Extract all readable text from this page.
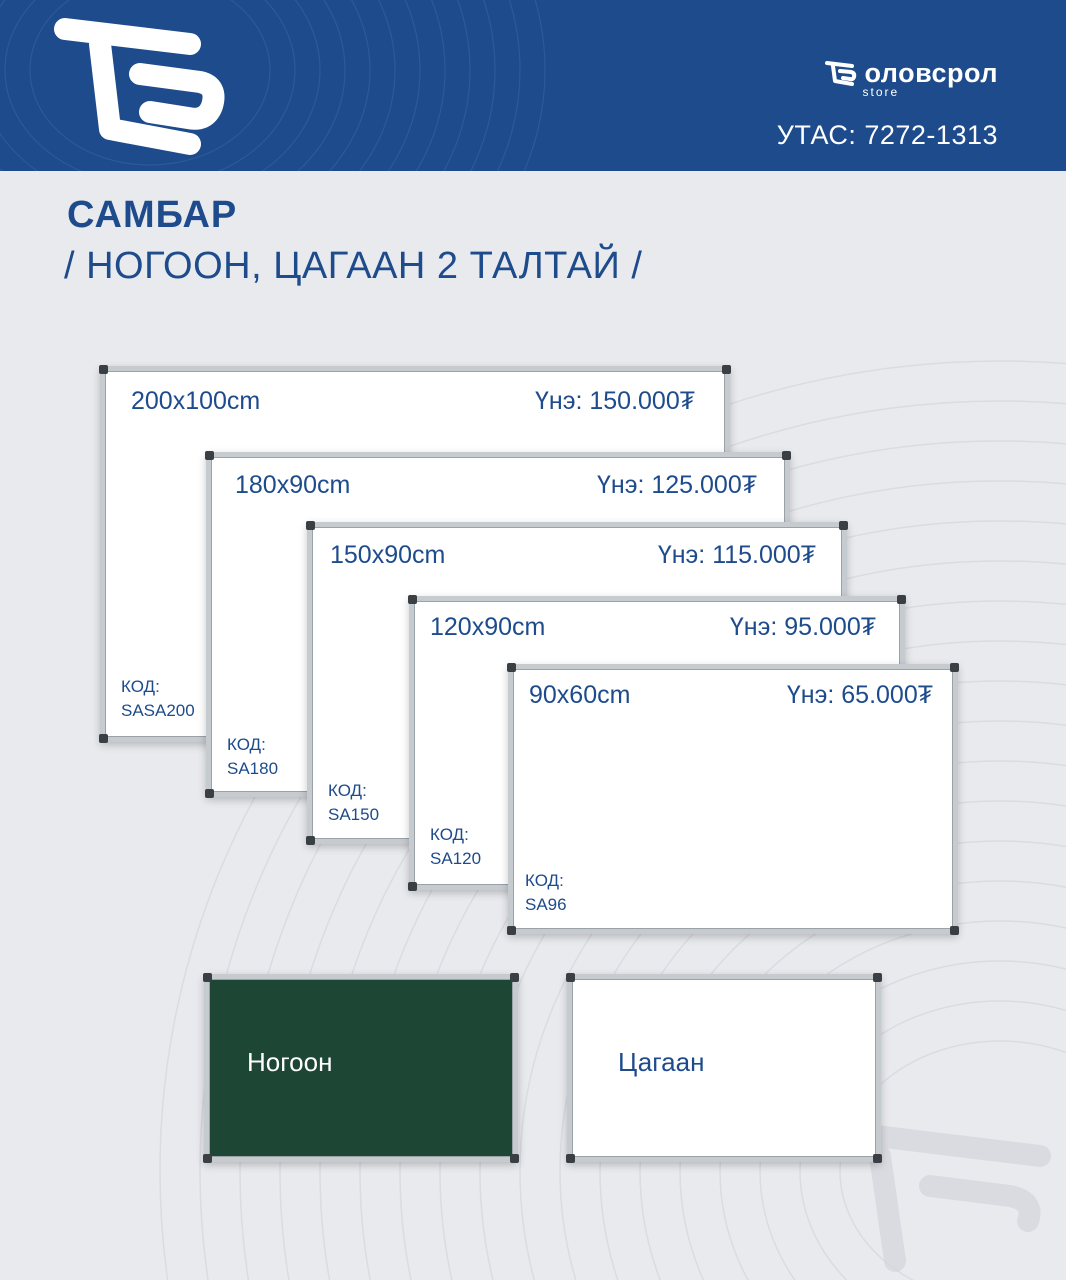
оловсрол
store
УТАС: 7272-1313
САМБАР
/ НОГООН, ЦАГААН 2 ТАЛТАЙ /
200x100cm	Үнэ: 150.000₮
КОД:
SASA200
180x90cm	Үнэ: 125.000₮
КОД:
SA180
150x90cm	Үнэ: 115.000₮
КОД:
SA150
120x90cm	Үнэ: 95.000₮
КОД:
SA120
90x60cm	Үнэ: 65.000₮
КОД:
SA96
Ногоон	Цагаан
